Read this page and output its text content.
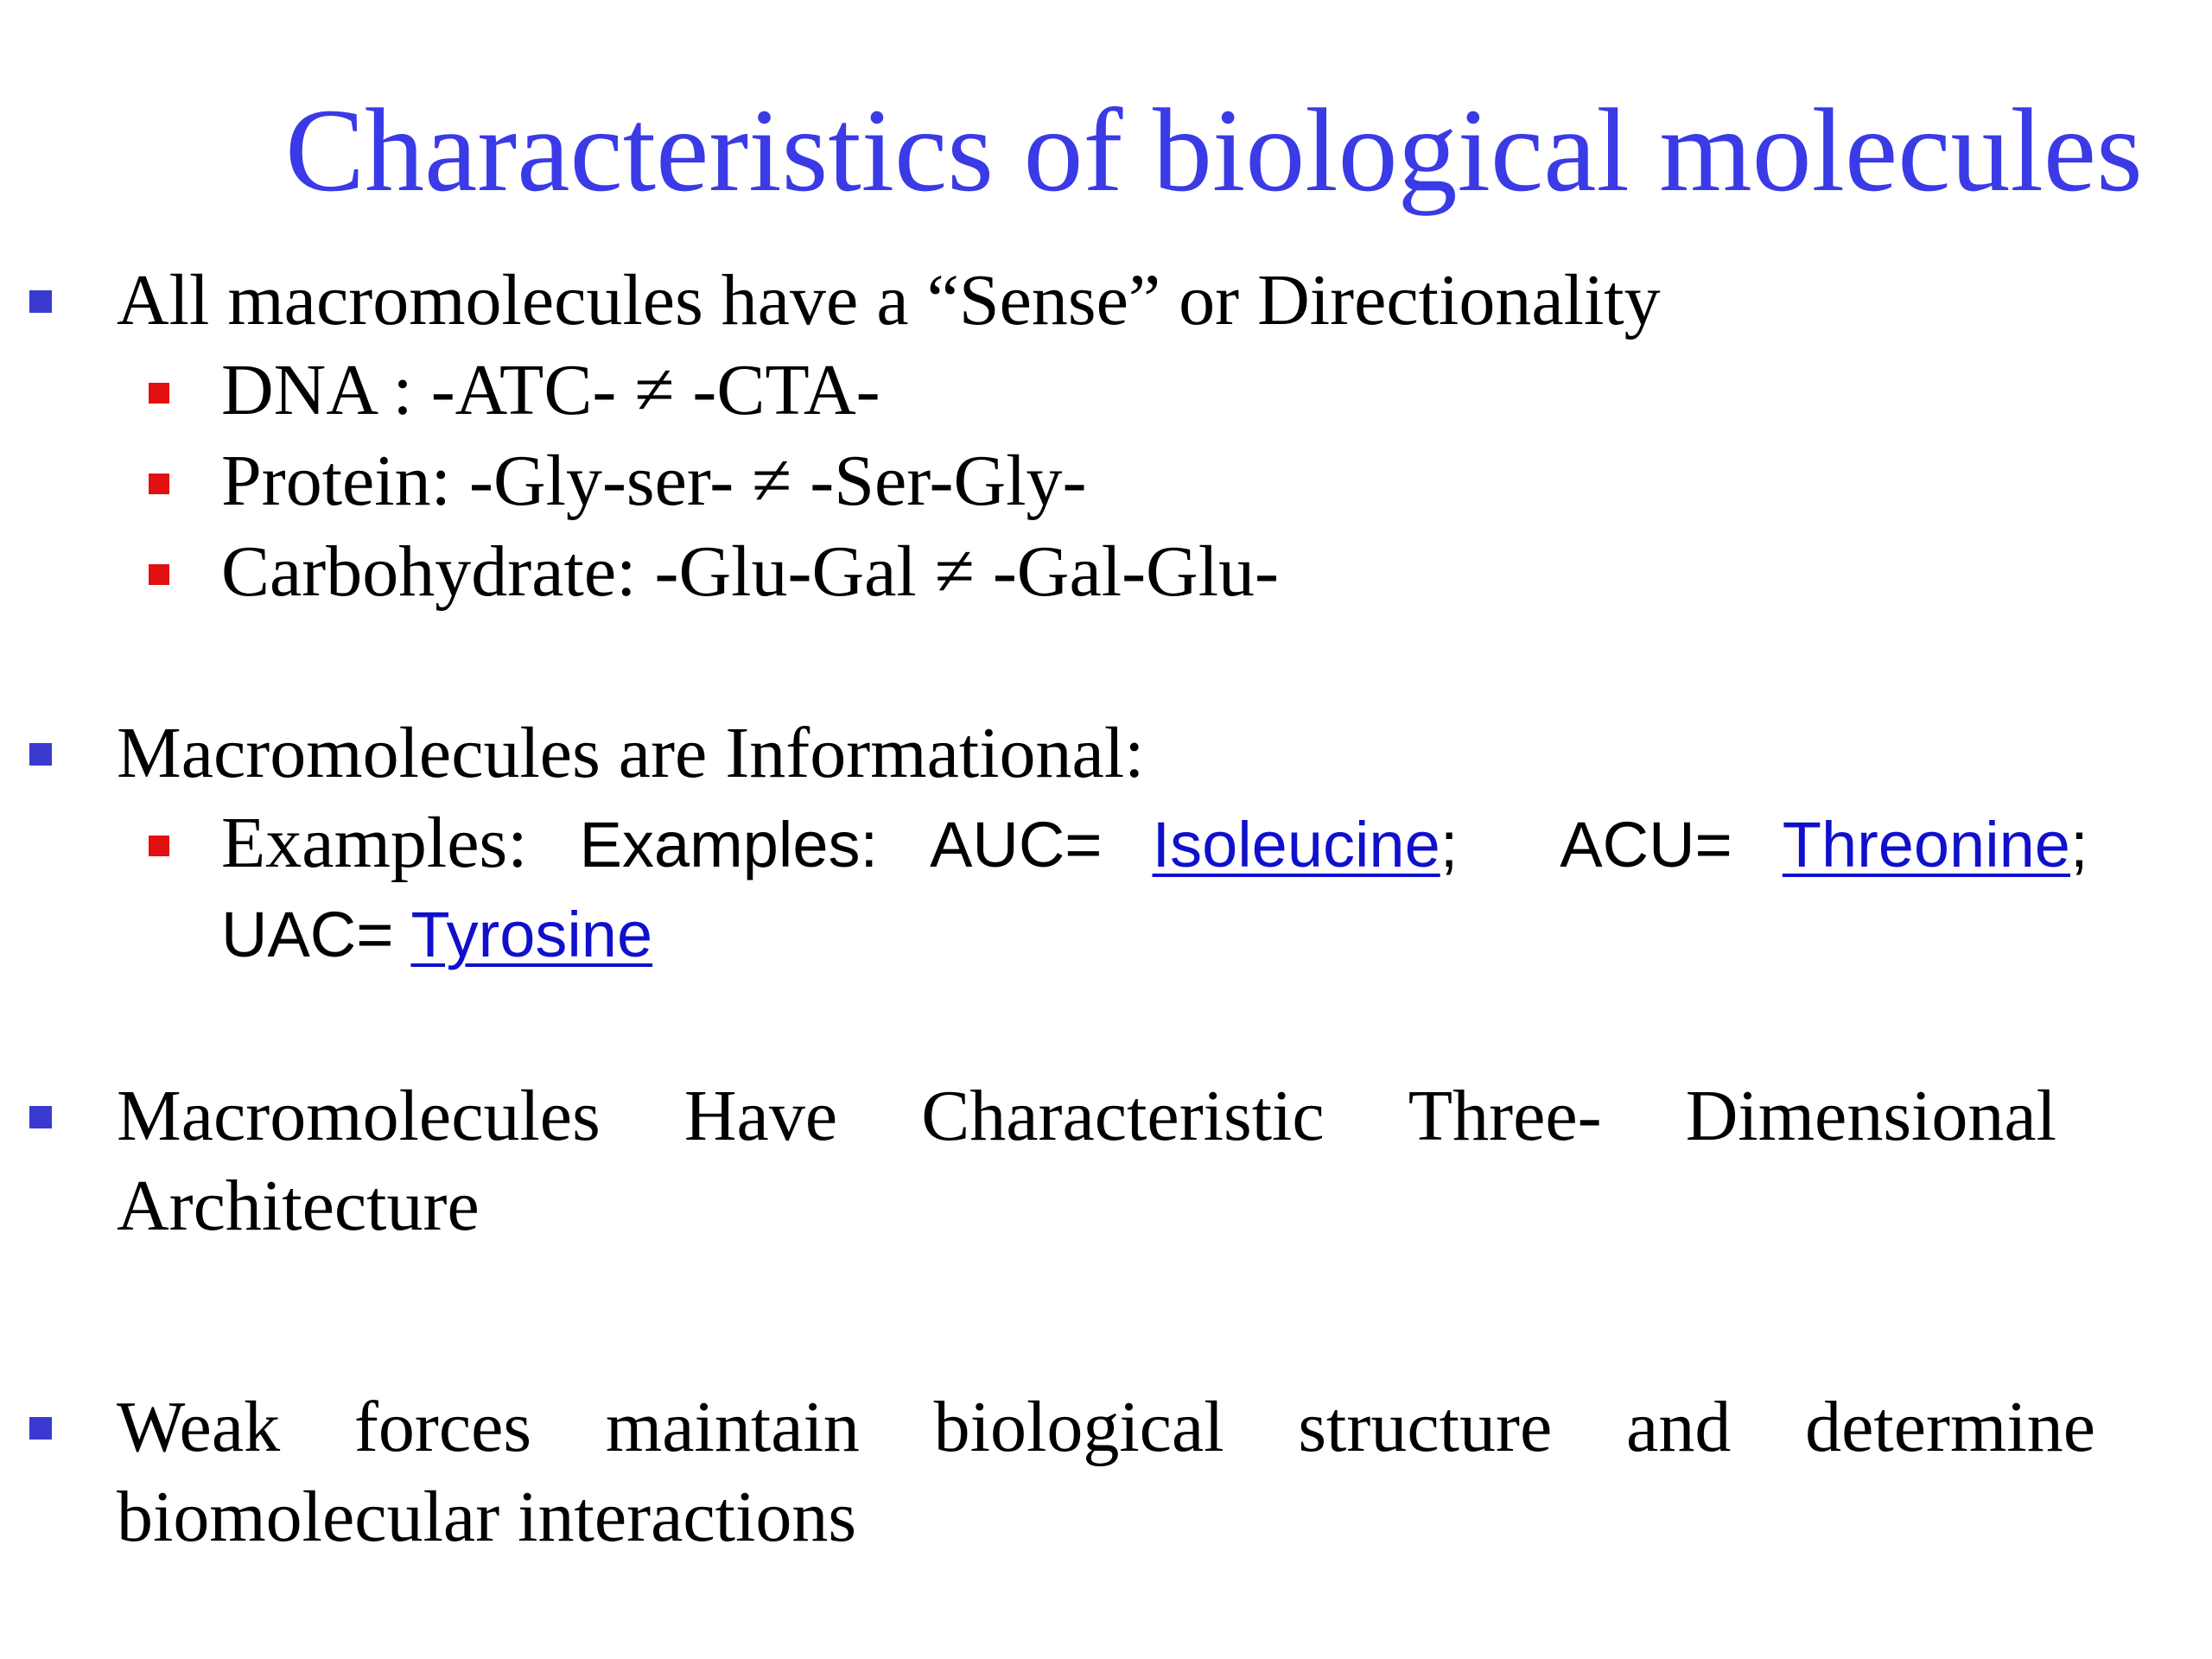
Characteristics of biological molecules

All macromolecules have a “Sense” or Directionality

DNA : -ATC- ≠ -CTA-

Protein: -Gly-ser- ≠ -Ser-Gly-

Carbohydrate: -Glu-Gal ≠ -Gal-Glu-

Macromolecules are Informational:

Examples: Examples: AUC= Isoleucine; ACU= Threonine;

UAC= Tyrosine

Macromolecules Have Characteristic Three- Dimensional

Architecture

Weak forces maintain biological structure and determine

biomolecular interactions
